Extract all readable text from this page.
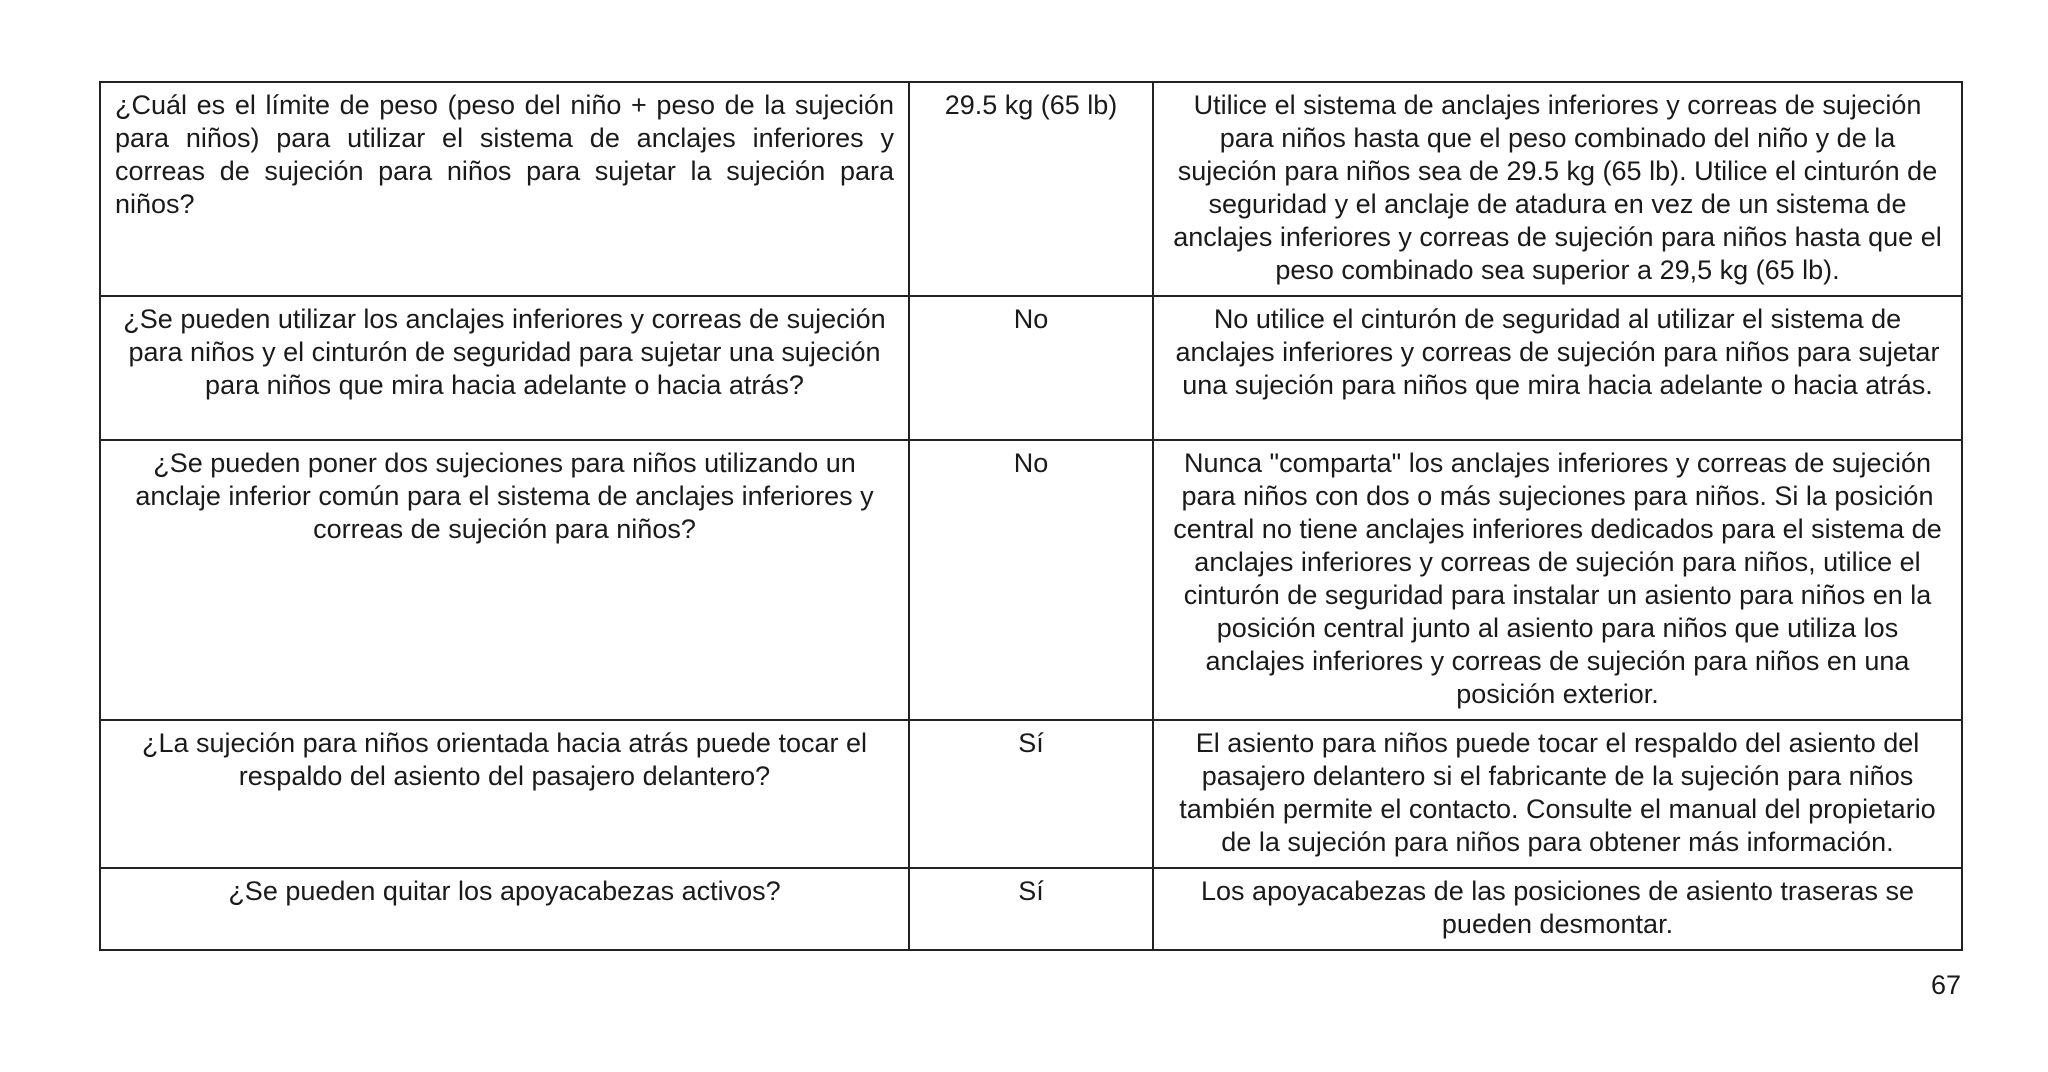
¿Cuál es el límite de peso (peso del niño + peso de la sujeción para niños) para utilizar el sistema de anclajes inferiores y correas de sujeción para niños para sujetar la sujeción para niños?	29.5 kg (65 lb)	Utilice el sistema de anclajes inferiores y correas de sujeción para niños hasta que el peso combinado del niño y de la sujeción para niños sea de 29.5 kg (65 lb). Utilice el cinturón de seguridad y el anclaje de atadura en vez de un sistema de anclajes inferiores y correas de sujeción para niños hasta que el peso combinado sea superior a 29,5 kg (65 lb).
¿Se pueden utilizar los anclajes inferiores y correas de sujeción para niños y el cinturón de seguridad para sujetar una sujeción para niños que mira hacia adelante o hacia atrás?	No	No utilice el cinturón de seguridad al utilizar el sistema de anclajes inferiores y correas de sujeción para niños para sujetar una sujeción para niños que mira hacia adelante o hacia atrás.
¿Se pueden poner dos sujeciones para niños utilizando un anclaje inferior común para el sistema de anclajes inferiores y correas de sujeción para niños?	No	Nunca "comparta" los anclajes inferiores y correas de sujeción para niños con dos o más sujeciones para niños. Si la posición central no tiene anclajes inferiores dedicados para el sistema de anclajes inferiores y correas de sujeción para niños, utilice el cinturón de seguridad para instalar un asiento para niños en la posición central junto al asiento para niños que utiliza los anclajes inferiores y correas de sujeción para niños en una posición exterior.
¿La sujeción para niños orientada hacia atrás puede tocar el respaldo del asiento del pasajero delantero?	Sí	El asiento para niños puede tocar el respaldo del asiento del pasajero delantero si el fabricante de la sujeción para niños también permite el contacto. Consulte el manual del propietario de la sujeción para niños para obtener más información.
¿Se pueden quitar los apoyacabezas activos?	Sí	Los apoyacabezas de las posiciones de asiento traseras se pueden desmontar.
67
